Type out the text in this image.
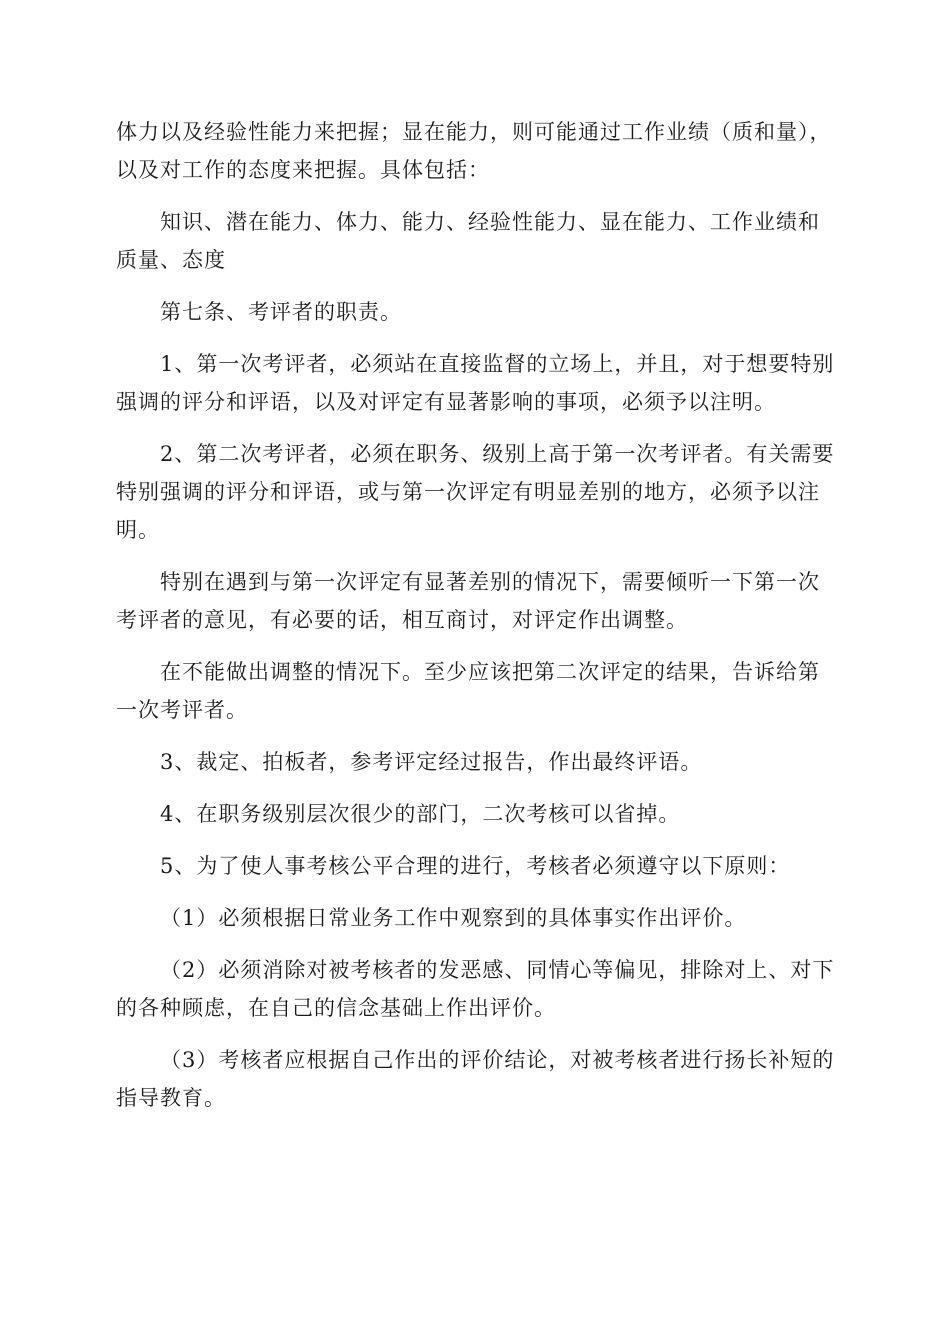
体力以及经验性能力来把握；显在能力，则可能通过工作业绩（质和量），以及对工作的态度来把握。具体包括：

知识、潜在能力、体力、能力、经验性能力、显在能力、工作业绩和质量、态度

第七条、考评者的职责。

1、第一次考评者，必须站在直接监督的立场上，并且，对于想要特别强调的评分和评语，以及对评定有显著影响的事项，必须予以注明。

2、第二次考评者，必须在职务、级别上高于第一次考评者。有关需要特别强调的评分和评语，或与第一次评定有明显差别的地方，必须予以注明。

特别在遇到与第一次评定有显著差别的情况下，需要倾听一下第一次考评者的意见，有必要的话，相互商讨，对评定作出调整。

在不能做出调整的情况下。至少应该把第二次评定的结果，告诉给第一次考评者。

3、裁定、拍板者，参考评定经过报告，作出最终评语。

4、在职务级别层次很少的部门，二次考核可以省掉。

5、为了使人事考核公平合理的进行，考核者必须遵守以下原则：

（1）必须根据日常业务工作中观察到的具体事实作出评价。

（2）必须消除对被考核者的发恶感、同情心等偏见，排除对上、对下的各种顾虑，在自己的信念基础上作出评价。

（3）考核者应根据自己作出的评价结论，对被考核者进行扬长补短的指导教育。
